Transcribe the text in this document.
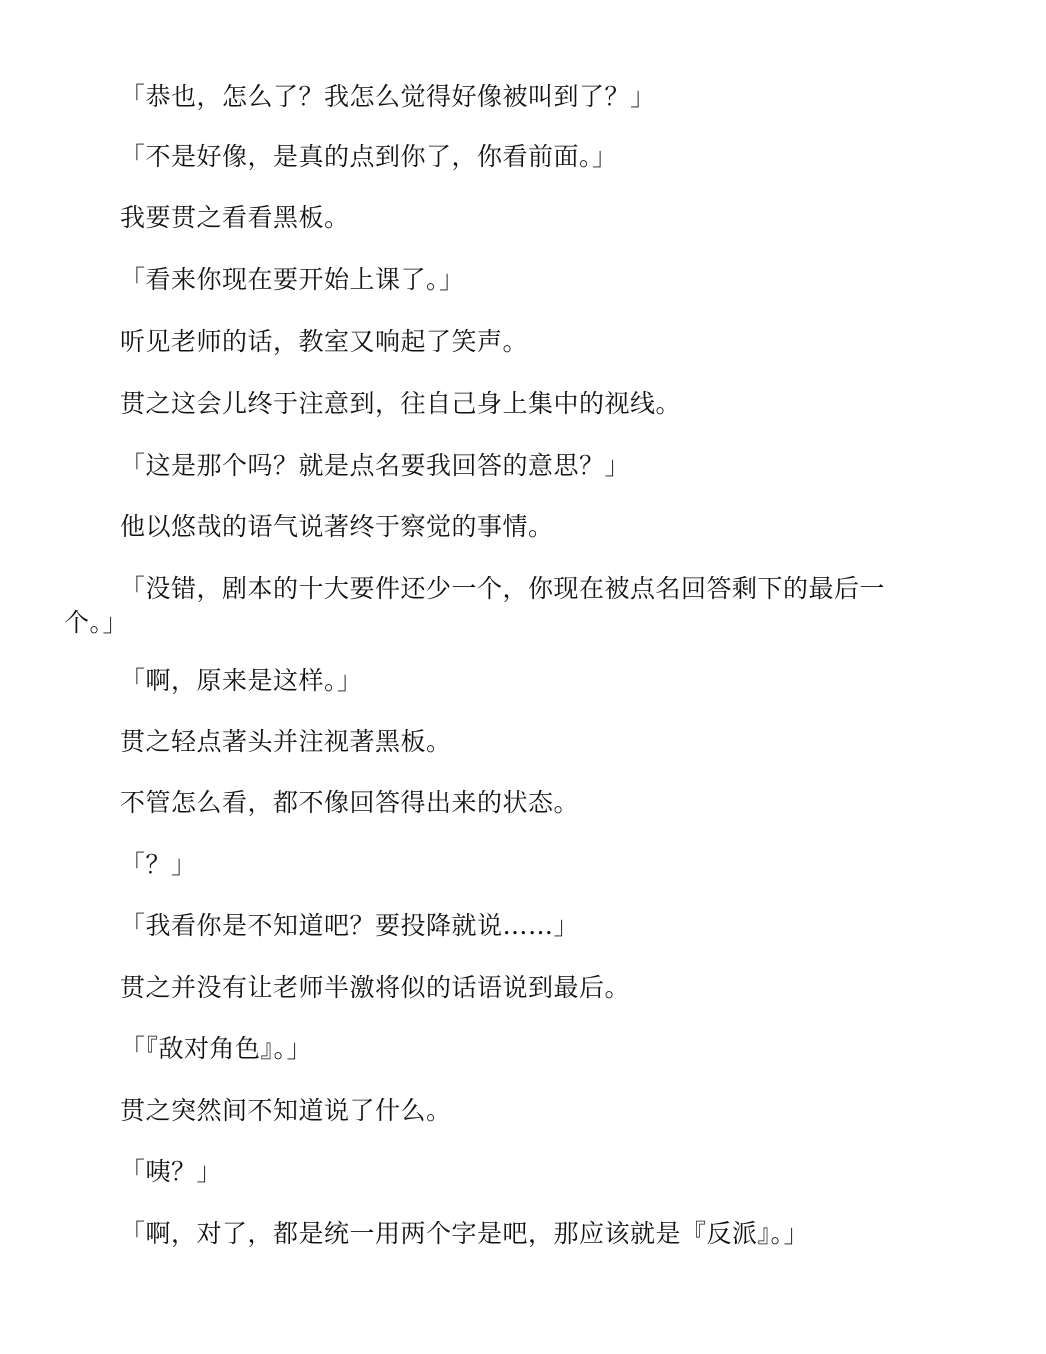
「恭也，怎么了？我怎么觉得好像被叫到了？」

「不是好像，是真的点到你了，你看前面。」

我要贯之看看黑板。

「看来你现在要开始上课了。」

听见老师的话，教室又响起了笑声。

贯之这会儿终于注意到，往自己身上集中的视线。

「这是那个吗？就是点名要我回答的意思？」

他以悠哉的语气说著终于察觉的事情。

「没错，剧本的十大要件还少一个，你现在被点名回答剩下的最后一个。」

「啊，原来是这样。」

贯之轻点著头并注视著黑板。

不管怎么看，都不像回答得出来的状态。

「？」

「我看你是不知道吧？要投降就说……」

贯之并没有让老师半激将似的话语说到最后。

「『敌对角色』。」

贯之突然间不知道说了什么。

「咦？」

「啊，对了，都是统一用两个字是吧，那应该就是『反派』。」
